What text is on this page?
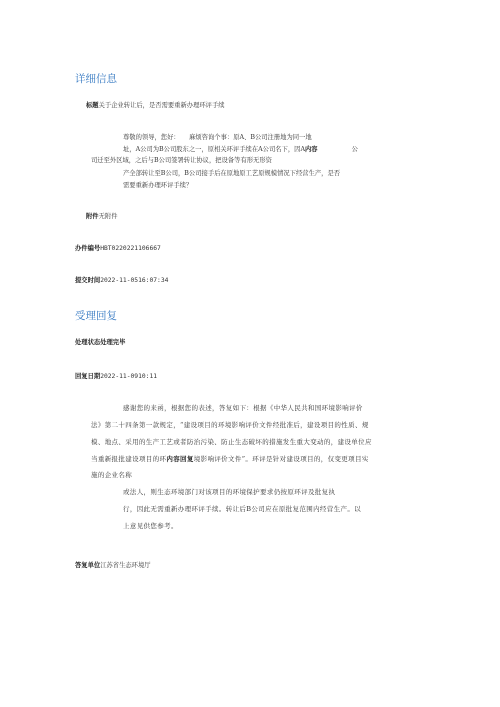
详细信息
标题关于企业转让后，是否需要重新办理环评手续
尊敬的领导，您好：　　麻烦咨询个事：原A、B公司注册地为同一地
址，A公司为B公司股东之一，原相关环评手续在A公司名下，因A内容	公
司迁至外区域，之后与B公司签署转让协议，把设备等有形无形资
产全部转让至B公司，B公司接手后在原地原工艺原规模情况下经营生产，是否
需要重新办理环评手续？
附件无附件
办件编号HBT0220221106667
提交时间2022-11-0516:07:34
受理回复
处理状态处理完毕
回复日期2022-11-0910:11
感谢您的来函，根据您的表述，答复如下：根据《中华人民共和国环境影响评价
法》第二十四条第一款规定，“建设项目的环境影响评价文件经批准后，建设项目的性质、规
模、地点、采用的生产工艺或者防治污染、防止生态破坏的措施发生重大变动的，建设单位应
当重新报批建设项目的环内容回复境影响评价文件”。环评是针对建设项目的，仅变更项目实
施的企业名称
或法人，则生态环境部门对该项目的环境保护要求仍按原环评及批复执
行，因此无需重新办理环评手续。转让后B公司应在原批复范围内经营生产。以
上意见供您参考。
答复单位江苏省生态环境厅
